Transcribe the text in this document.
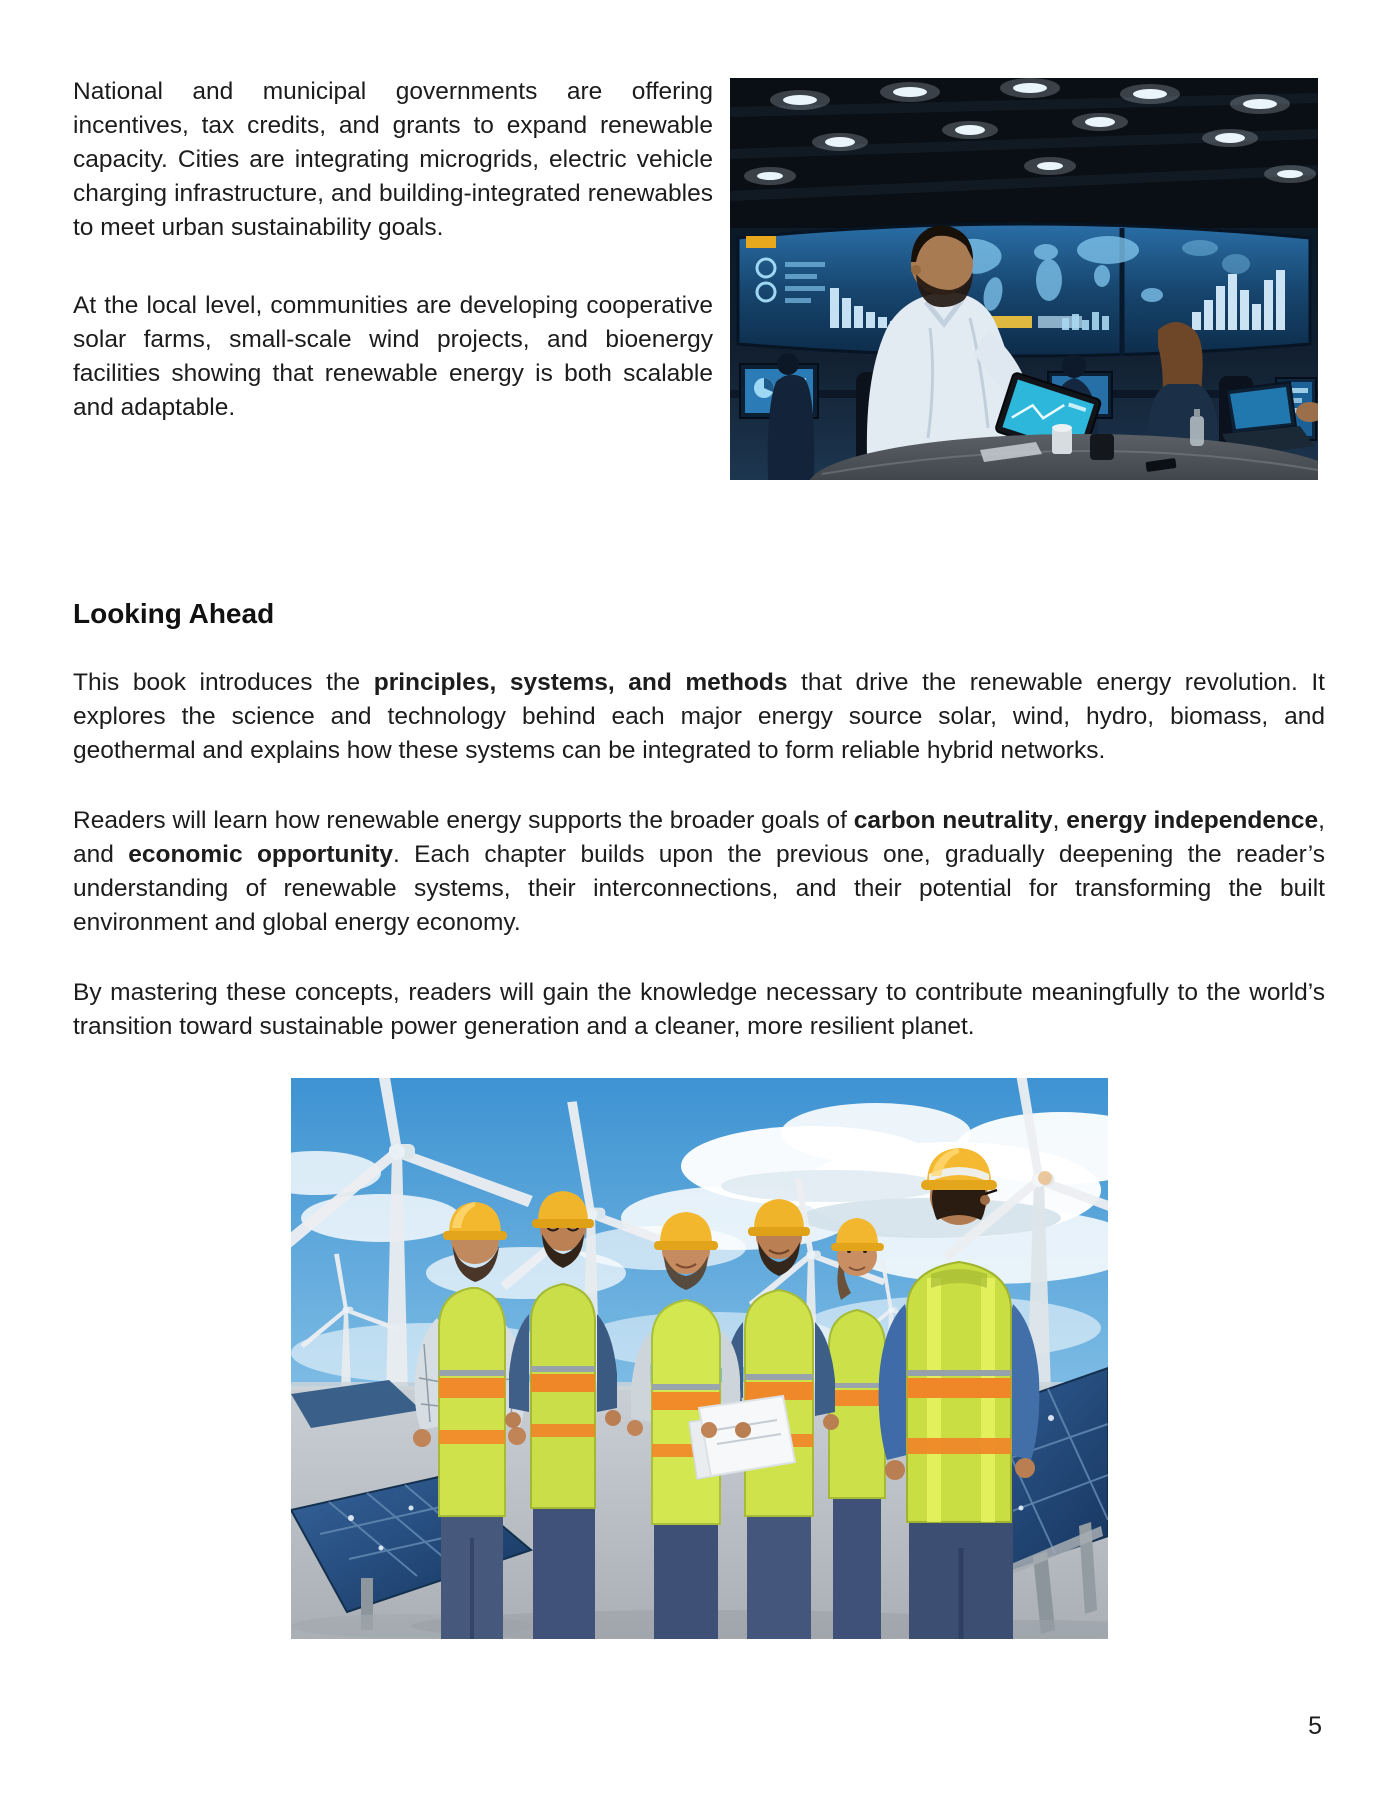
National and municipal governments are offering incentives, tax credits, and grants to expand renewable capacity. Cities are integrating microgrids, electric vehicle charging infrastructure, and building-integrated renewables to meet urban sustainability goals.

At the local level, communities are developing cooperative solar farms, small-scale wind projects, and bioenergy facilities showing that renewable energy is both scalable and adaptable.

Looking Ahead

This book introduces the principles, systems, and methods that drive the renewable energy revolution. It explores the science and technology behind each major energy source solar, wind, hydro, biomass, and geothermal and explains how these systems can be integrated to form reliable hybrid networks.

Readers will learn how renewable energy supports the broader goals of carbon neutrality, energy independence, and economic opportunity. Each chapter builds upon the previous one, gradually deepening the reader’s understanding of renewable systems, their interconnections, and their potential for transforming the built environment and global energy economy.

By mastering these concepts, readers will gain the knowledge necessary to contribute meaningfully to the world’s transition toward sustainable power generation and a cleaner, more resilient planet.

5
